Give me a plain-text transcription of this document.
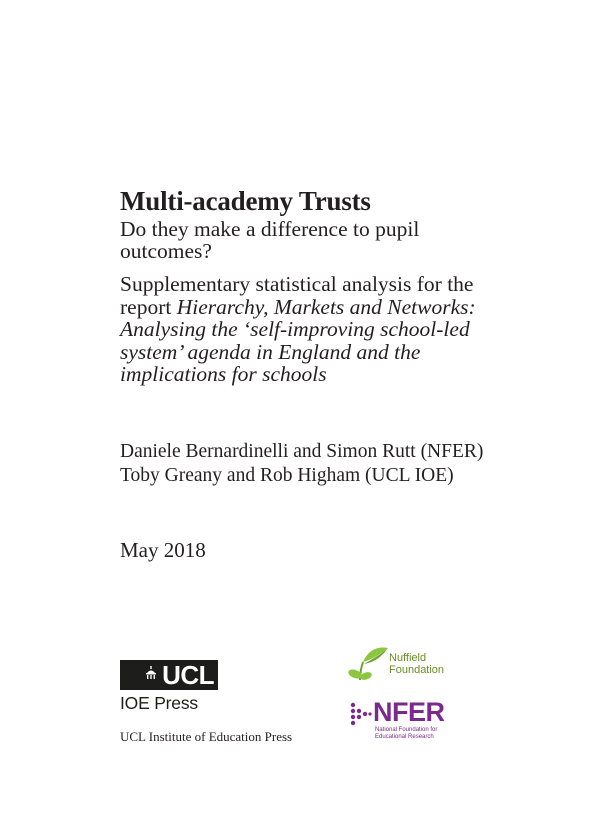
Multi-academy Trusts

Do they make a difference to pupil outcomes?

Supplementary statistical analysis for the report Hierarchy, Markets and Networks: Analysing the ‘self-improving school-led system’ agenda in England and the implications for schools

Daniele Bernardinelli and Simon Rutt (NFER)
Toby Greany and Rob Higham (UCL IOE)

May 2018

UCL
IOE Press

UCL Institute of Education Press

Nuffield
Foundation
NFER
National Foundation for Educational Research
